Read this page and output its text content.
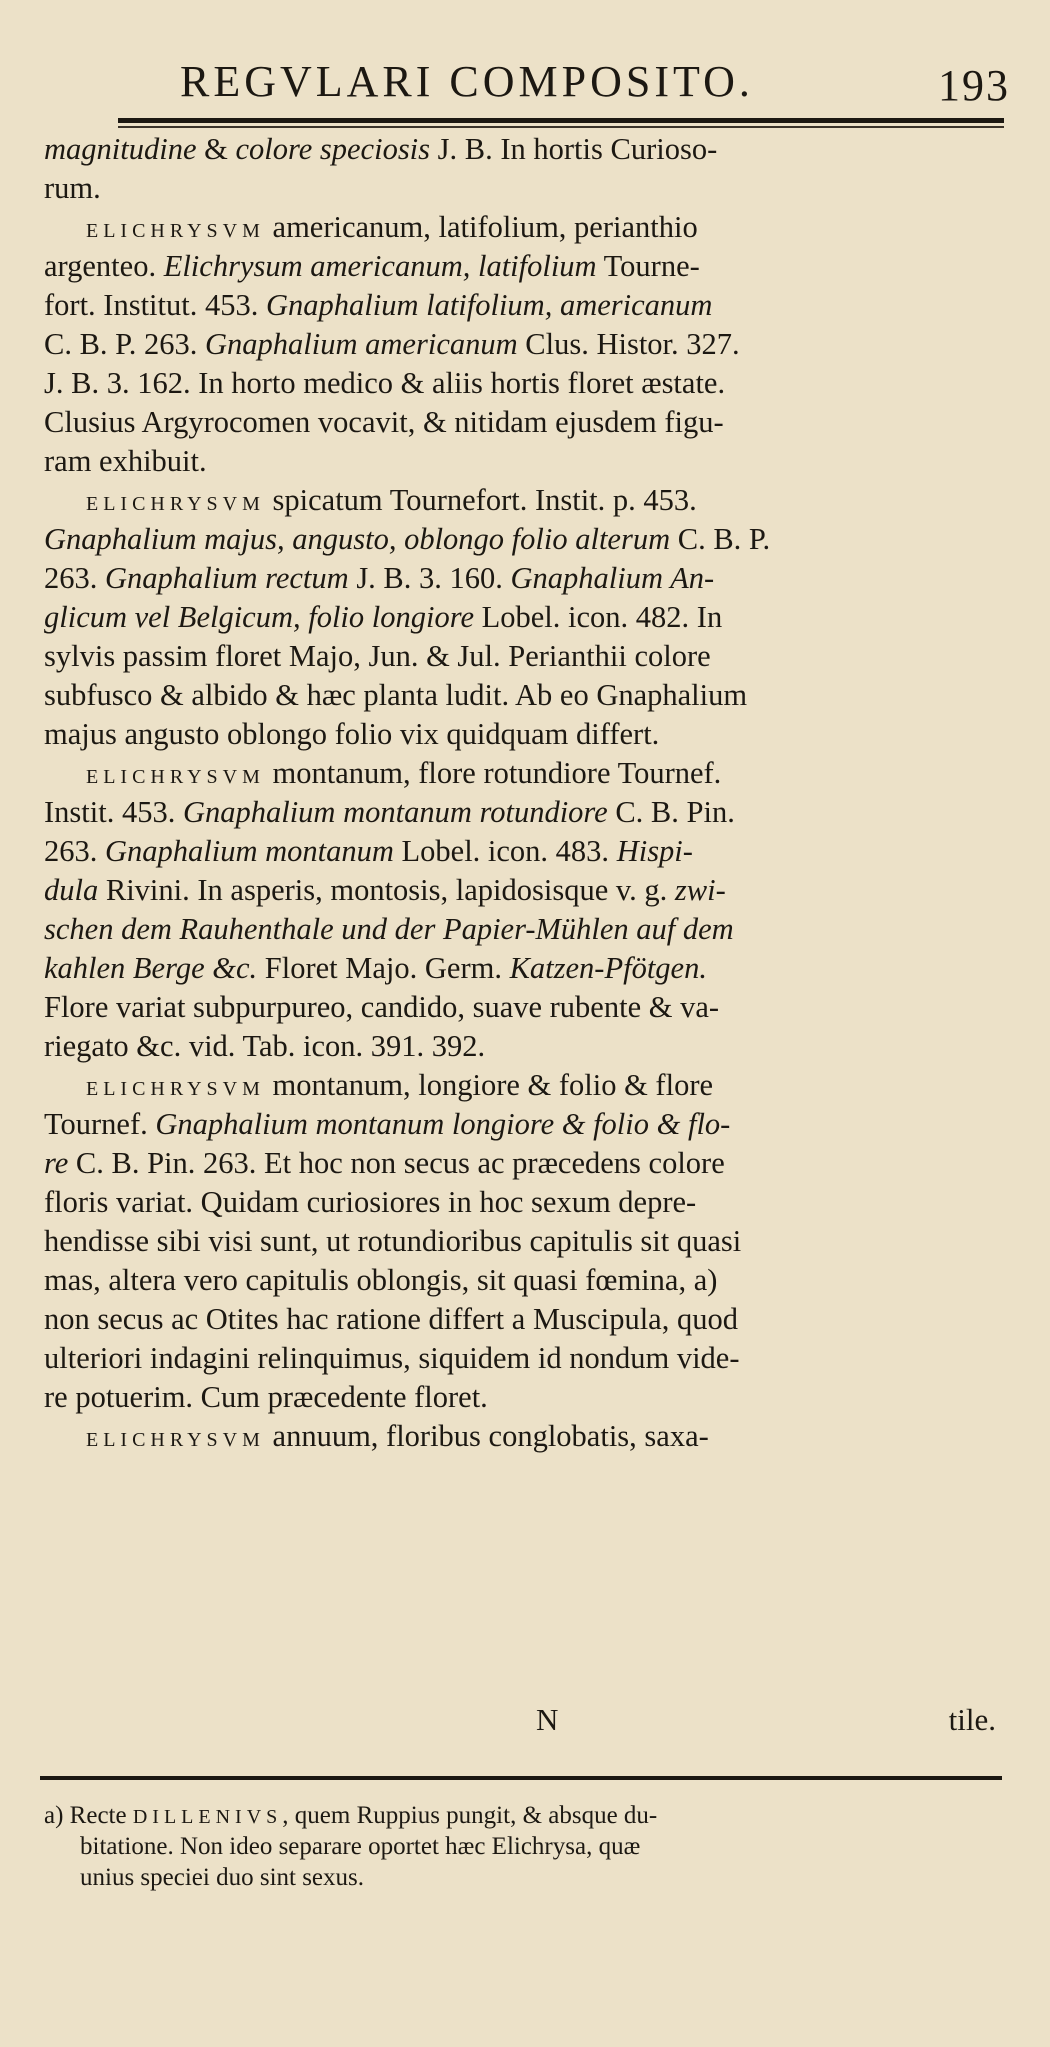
REGVLARI COMPOSITO.	193
magnitudine & colore speciosis J. B. In hortis Curioso-
rum.
ELICHRYSVM americanum, latifolium, perianthio
argenteo. Elichrysum americanum, latifolium Tourne-
fort. Institut. 453. Gnaphalium latifolium, americanum
C. B. P. 263. Gnaphalium americanum Clus. Histor. 327.
J. B. 3. 162. In horto medico & aliis hortis floret æstate.
Clusius Argyrocomen vocavit, & nitidam ejusdem figu-
ram exhibuit.
ELICHRYSVM spicatum Tournefort. Instit. p. 453.
Gnaphalium majus, angusto, oblongo folio alterum C. B. P.
263. Gnaphalium rectum J. B. 3. 160. Gnaphalium An-
glicum vel Belgicum, folio longiore Lobel. icon. 482. In
sylvis passim floret Majo, Jun. & Jul. Perianthii colore
subfusco & albido & hæc planta ludit. Ab eo Gnaphalium
majus angusto oblongo folio vix quidquam differt.
ELICHRYSVM montanum, flore rotundiore Tournef.
Instit. 453. Gnaphalium montanum rotundiore C. B. Pin.
263. Gnaphalium montanum Lobel. icon. 483. Hispi-
dula Rivini. In asperis, montosis, lapidosisque v. g. zwi-
schen dem Rauhenthale und der Papier-Mühlen auf dem
kahlen Berge &c. Floret Majo. Germ. Katzen-Pfötgen.
Flore variat subpurpureo, candido, suave rubente & va-
riegato &c. vid. Tab. icon. 391. 392.
ELICHRYSVM montanum, longiore & folio & flore
Tournef. Gnaphalium montanum longiore & folio & flo-
re C. B. Pin. 263. Et hoc non secus ac præcedens colore
floris variat. Quidam curiosiores in hoc sexum depre-
hendisse sibi visi sunt, ut rotundioribus capitulis sit quasi
mas, altera vero capitulis oblongis, sit quasi fœmina, a)
non secus ac Otites hac ratione differt a Muscipula, quod
ulteriori indagini relinquimus, siquidem id nondum vide-
re potuerim. Cum præcedente floret.
ELICHRYSVM annuum, floribus conglobatis, saxa-
N	tile.
a) Recte DILLENIVS, quem Ruppius pungit, & absque du-
bitatione. Non ideo separare oportet hæc Elichrysa, quæ
unius speciei duo sint sexus.
